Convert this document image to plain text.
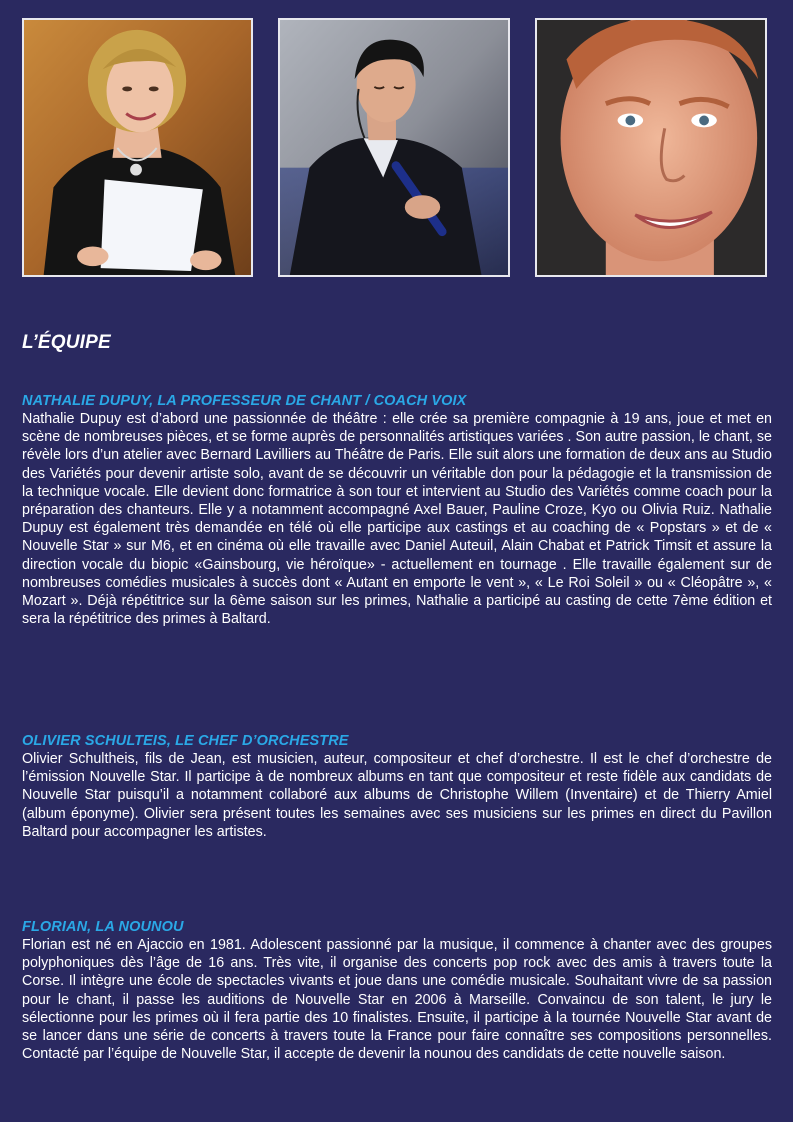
L’ÉQUIPE
NATHALIE DUPUY, LA PROFESSEUR DE CHANT / COACH VOIX

Nathalie Dupuy est d’abord une passionnée de théâtre : elle crée sa première compagnie à 19 ans, joue et met en scène de nombreuses pièces, et se forme auprès de personnalités artistiques variées . Son autre passion, le chant, se révèle lors d’un atelier avec Bernard Lavilliers au Théâtre de Paris. Elle suit alors une formation de deux ans au Studio des Variétés pour devenir artiste solo, avant de se découvrir un véritable don pour la pédagogie et la transmission de la technique vocale. Elle devient donc formatrice à son tour et intervient au Studio des Variétés comme coach pour la préparation des chanteurs. Elle y a notamment accompagné Axel Bauer, Pauline Croze, Kyo ou Olivia Ruiz. Nathalie Dupuy est également très demandée en télé où elle participe aux castings et au coaching de « Popstars » et de « Nouvelle Star » sur M6, et en cinéma où elle travaille avec Daniel Auteuil, Alain Chabat et Patrick Timsit et assure la direction vocale du biopic «Gainsbourg, vie héroïque» - actuellement en tournage . Elle travaille également sur de nombreuses comédies musicales à succès dont « Autant en emporte le vent », « Le Roi Soleil » ou « Cléopâtre », « Mozart ». Déjà répétitrice sur la 6ème saison sur les primes, Nathalie a participé au casting de cette 7ème édition et sera la répétitrice des primes à Baltard.

OLIVIER SCHULTEIS, LE CHEF D’ORCHESTRE

Olivier Schultheis, fils de Jean, est musicien, auteur, compositeur et chef d’orchestre. Il est le chef d’orchestre de l’émission Nouvelle Star. Il participe à de nombreux albums en tant que compositeur et reste fidèle aux candidats de Nouvelle Star puisqu’il a notamment collaboré aux albums de Christophe Willem (Inventaire) et de Thierry Amiel (album éponyme). Olivier sera présent toutes les semaines avec ses musiciens sur les primes en direct du Pavillon Baltard pour accompagner les artistes.

FLORIAN, LA NOUNOU

Florian est né en Ajaccio en 1981. Adolescent passionné par la musique, il commence à chanter avec des groupes polyphoniques dès l’âge de 16 ans. Très vite, il organise des concerts pop rock avec des amis à travers toute la Corse. Il intègre une école de spectacles vivants et joue dans une comédie musicale. Souhaitant vivre de sa passion pour le chant, il passe les auditions de Nouvelle Star en 2006 à Marseille. Convaincu de son talent, le jury le sélectionne pour les primes où il fera partie des 10 finalistes. Ensuite, il participe à la tournée Nouvelle Star avant de se lancer dans une série de concerts à travers toute la France pour faire connaître ses compositions personnelles. Contacté par l’équipe de Nouvelle Star, il accepte de devenir la nounou des candidats de cette nouvelle saison.
